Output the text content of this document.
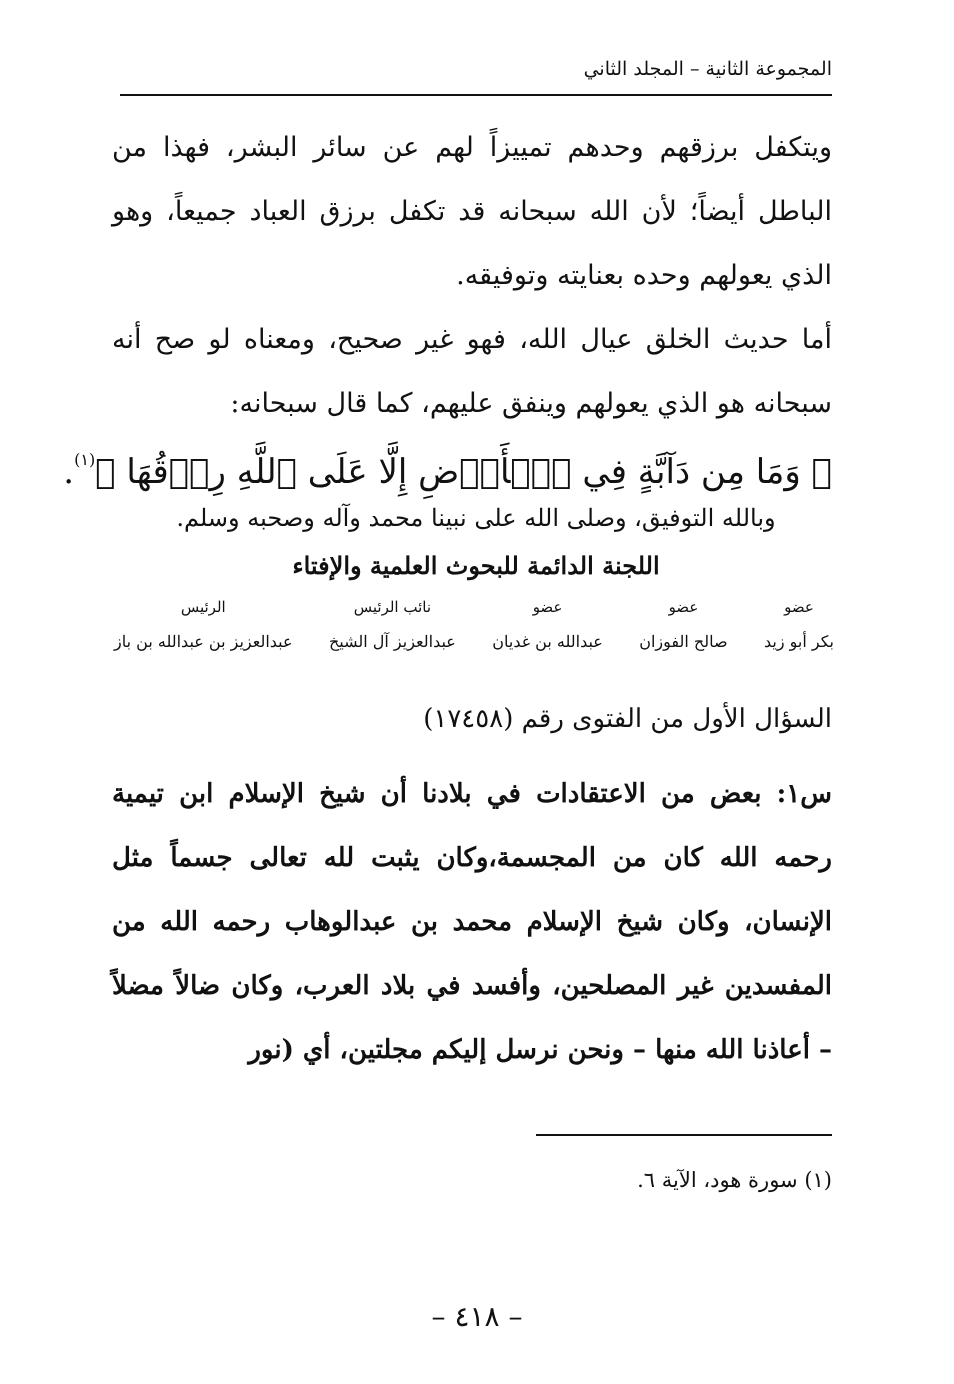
المجموعة الثانية – المجلد الثاني
ويتكفل برزقهم وحدهم تمييزاً لهم عن سائر البشر، فهذا من الباطل أيضاً؛ لأن الله سبحانه قد تكفل برزق العباد جميعاً، وهو الذي يعولهم وحده بعنايته وتوفيقه.
أما حديث الخلق عيال الله، فهو غير صحيح، ومعناه لو صح أنه سبحانه هو الذي يعولهم وينفق عليهم، كما قال سبحانه:
﴿ وَمَا مِن دَآبَّةٍ فِي ٱلۡأَرۡضِ إِلَّا عَلَى ٱللَّهِ رِزۡقُهَا ﴾$^{(١)}$.
وبالله التوفيق، وصلى الله على نبينا محمد وآله وصحبه وسلم.
اللجنة الدائمة للبحوث العلمية والإفتاء
عضو
بكر أبو زيد
عضو
صالح الفوزان
عضو
عبدالله بن غديان
نائب الرئيس
عبدالعزيز آل الشيخ
الرئيس
عبدالعزيز بن عبدالله بن باز
السؤال الأول من الفتوى رقم (١٧٤٥٨)
س١: بعض من الاعتقادات في بلادنا أن شيخ الإسلام ابن تيمية رحمه الله كان من المجسمة،وكان يثبت لله تعالى جسماً مثل الإنسان، وكان شيخ الإسلام محمد بن عبدالوهاب رحمه الله من المفسدين غير المصلحين، وأفسد في بلاد العرب، وكان ضالاً مضلاً – أعاذنا الله منها – ونحن نرسل إليكم مجلتين، أي (نور
(١) سورة هود، الآية ٦.
– ٤١٨ –
